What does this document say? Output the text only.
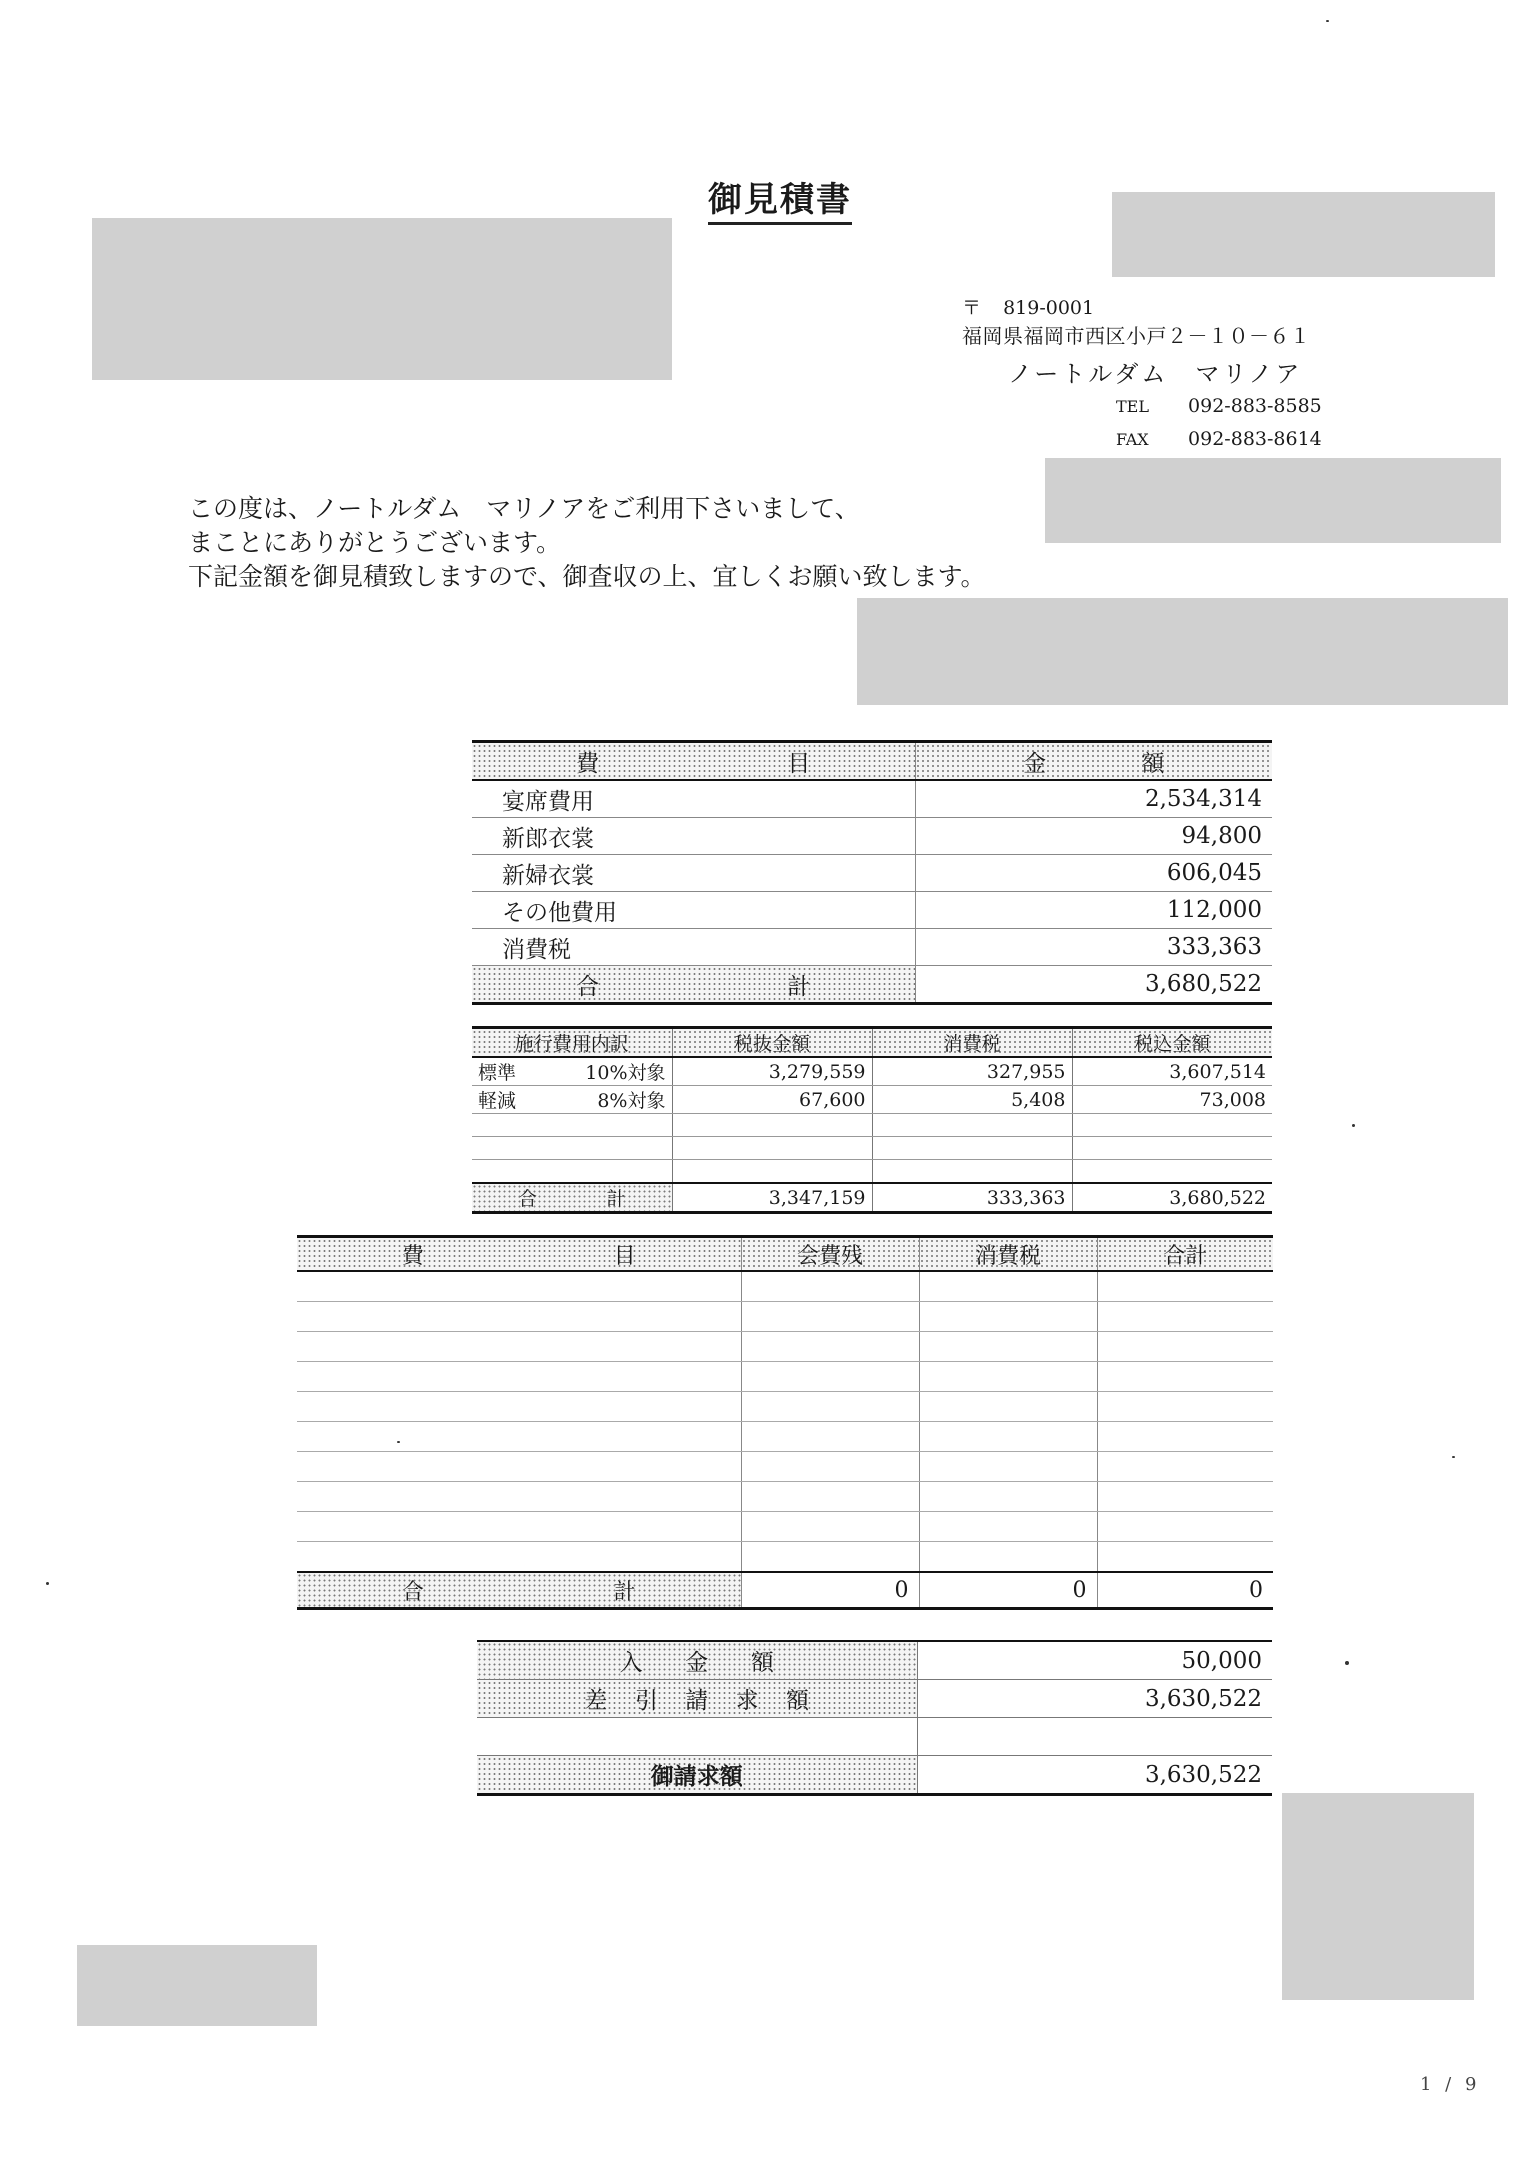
御見積書
〒 819-0001
福岡県福岡市西区小戸２－１０－６１
ノートルダム　マリノア
TEL 092-883-8585
FAX 092-883-8614
この度は、ノートルダム　マリノアをご利用下さいまして、
まことにありがとうございます。
下記金額を御見積致しますので、御査収の上、宜しくお願い致します。
費 目	金 額

宴席費用	2,534,314
新郎衣裳	94,800
新婦衣裳	606,045
その他費用	112,000
消費税	333,363

合 計	3,680,522
施行費用内訳	税抜金額	消費税	税込金額

標準 10%対象	3,279,559	327,955	3,607,514

軽減 8%対象	67,600	5,408	73,008

合 計	3,347,159	333,363	3,680,522
費 目	会費残	消費税	合計

合 計	0	0	0
入 金 額	50,000

差 引 請 求 額	3,630,522

御請求額	3,630,522
1 / 9
